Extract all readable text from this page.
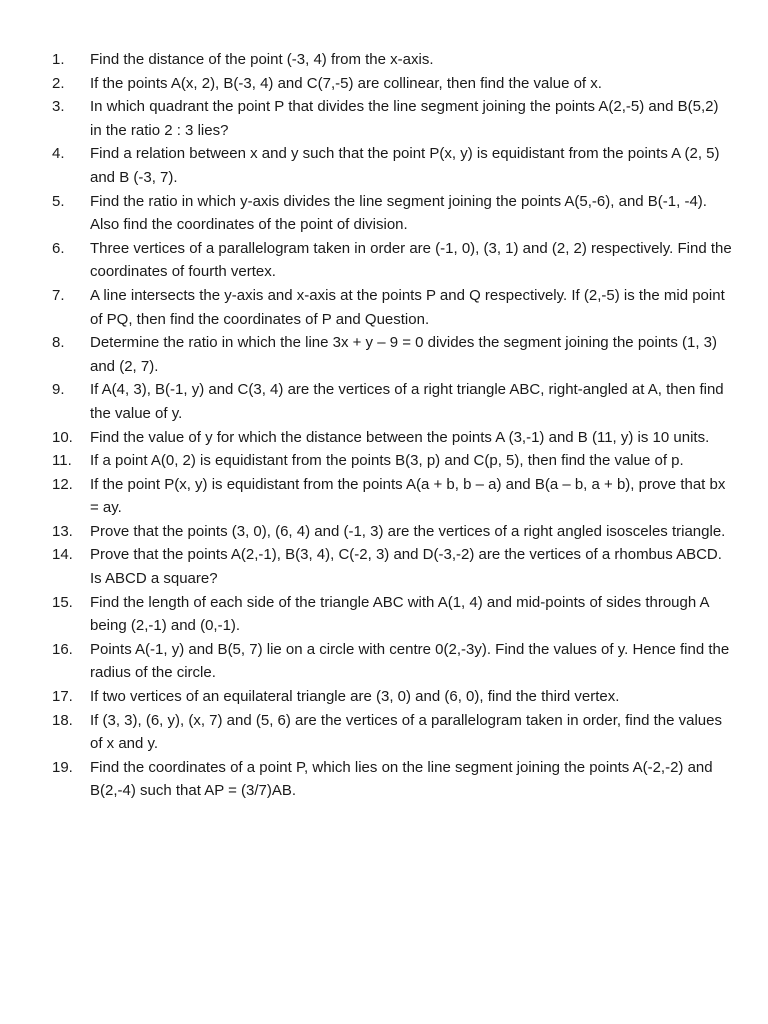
1.	Find the distance of the point (-3, 4) from the x-axis.
2.	If the points A(x, 2), B(-3, 4) and C(7,-5) are collinear, then find the value of x.
3.	In which quadrant the point P that divides the line segment joining the points A(2,-5) and B(5,2) in the ratio 2 : 3 lies?
4.	Find a relation between x and y such that the point P(x, y) is equidistant from the points A (2, 5) and B (-3, 7).
5.	Find the ratio in which y-axis divides the line segment joining the points A(5,-6), and B(-1, -4). Also find the coordinates of the point of division.
6.	Three vertices of a parallelogram taken in order are (-1, 0), (3, 1) and (2, 2) respectively. Find the coordinates of fourth vertex.
7.	A line intersects the y-axis and x-axis at the points P and Q respectively. If (2,-5) is the mid point of PQ, then find the coordinates of P and Question.
8.	Determine the ratio in which the line 3x + y – 9 = 0 divides the segment joining the points (1, 3) and (2, 7).
9.	If A(4, 3), B(-1, y) and C(3, 4) are the vertices of a right triangle ABC, right-angled at A, then find the value of y.
10.	Find the value of y for which the distance between the points A (3,-1) and B (11, y) is 10 units.
11.	If a point A(0, 2) is equidistant from the points B(3, p) and C(p, 5), then find the value of p.
12.	If the point P(x, y) is equidistant from the points A(a + b, b – a) and B(a – b, a + b), prove that bx = ay.
13.	Prove that the points (3, 0), (6, 4) and (-1, 3) are the vertices of a right angled isosceles triangle.
14.	Prove that the points A(2,-1), B(3, 4), C(-2, 3) and D(-3,-2) are the vertices of a rhombus ABCD. Is ABCD a square?
15.	Find the length of each side of the triangle ABC with A(1, 4) and mid-points of sides through A being (2,-1) and (0,-1).
16.	Points A(-1, y) and B(5, 7) lie on a circle with centre 0(2,-3y). Find the values of y. Hence find the radius of the circle.
17.	If two vertices of an equilateral triangle are (3, 0) and (6, 0), find the third vertex.
18.	If (3, 3), (6, y), (x, 7) and (5, 6) are the vertices of a parallelogram taken in order, find the values of x and y.
19.	Find the coordinates of a point P, which lies on the line segment joining the points A(-2,-2) and B(2,-4) such that AP = (3/7)AB.
